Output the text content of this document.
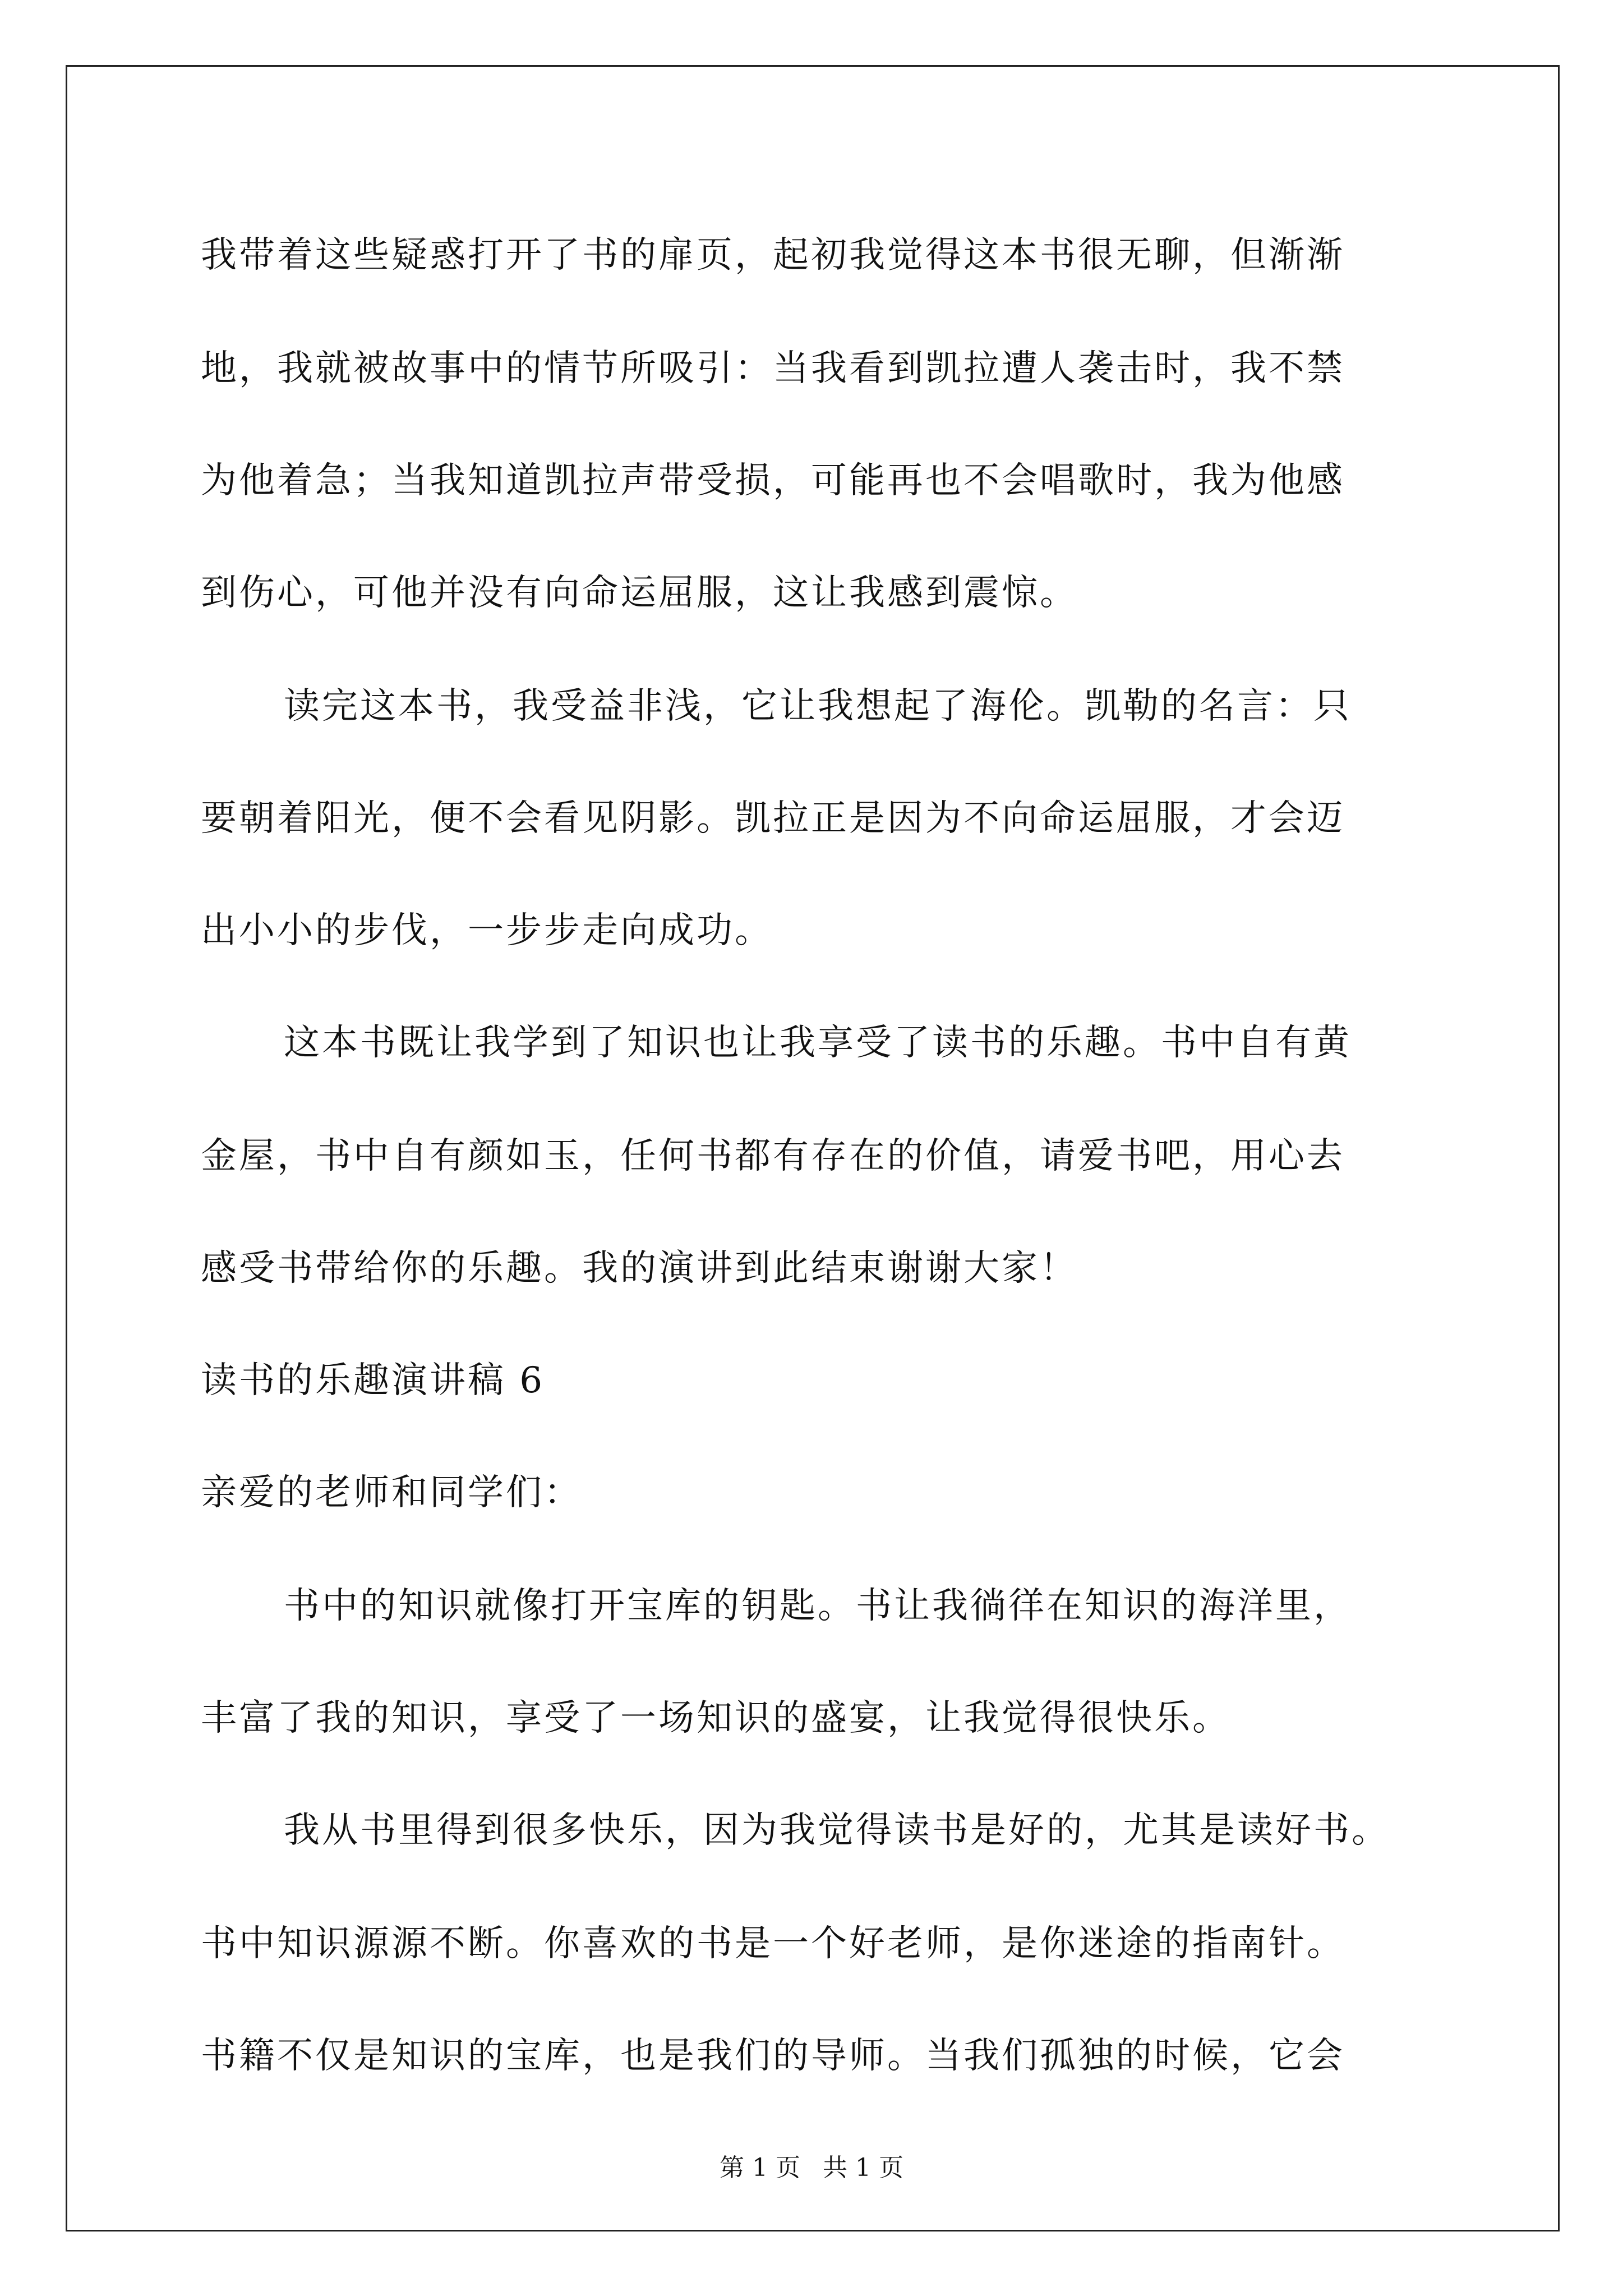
我带着这些疑惑打开了书的扉页，起初我觉得这本书很无聊，但渐渐
地，我就被故事中的情节所吸引：当我看到凯拉遭人袭击时，我不禁
为他着急；当我知道凯拉声带受损，可能再也不会唱歌时，我为他感
到伤心，可他并没有向命运屈服，这让我感到震惊。
读完这本书，我受益非浅，它让我想起了海伦。凯勒的名言：只
要朝着阳光，便不会看见阴影。凯拉正是因为不向命运屈服，才会迈
出小小的步伐，一步步走向成功。
这本书既让我学到了知识也让我享受了读书的乐趣。书中自有黄
金屋，书中自有颜如玉，任何书都有存在的价值，请爱书吧，用心去
感受书带给你的乐趣。我的演讲到此结束谢谢大家！
读书的乐趣演讲稿 6
亲爱的老师和同学们：
书中的知识就像打开宝库的钥匙。书让我徜徉在知识的海洋里，
丰富了我的知识，享受了一场知识的盛宴，让我觉得很快乐。
我从书里得到很多快乐，因为我觉得读书是好的，尤其是读好书。
书中知识源源不断。你喜欢的书是一个好老师，是你迷途的指南针。
书籍不仅是知识的宝库，也是我们的导师。当我们孤独的时候，它会
第 1 页 共 1 页
